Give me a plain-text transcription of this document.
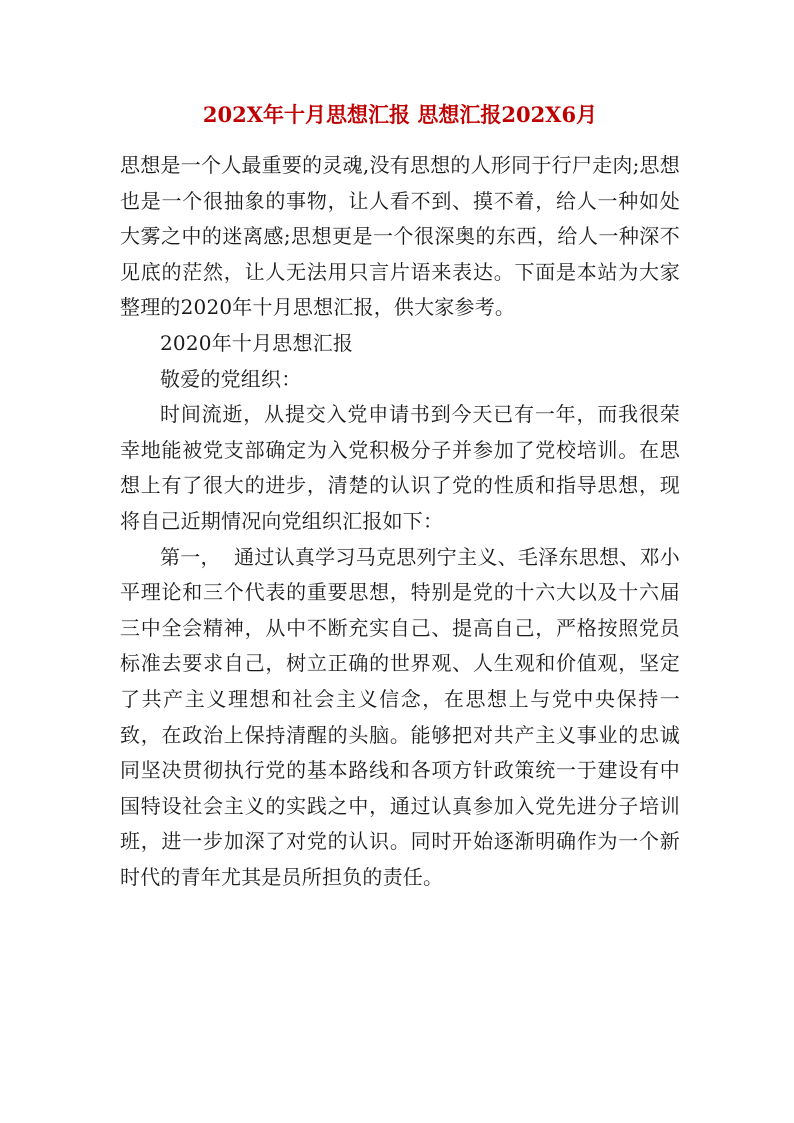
202X年十月思想汇报 思想汇报202X6月

思想是一个人最重要的灵魂,没有思想的人形同于行尸走肉;思想也是一个很抽象的事物，让人看不到、摸不着，给人一种如处大雾之中的迷离感;思想更是一个很深奥的东西，给人一种深不见底的茫然，让人无法用只言片语来表达。下面是本站为大家整理的2020年十月思想汇报，供大家参考。

2020年十月思想汇报

敬爱的党组织：

时间流逝，从提交入党申请书到今天已有一年，而我很荣幸地能被党支部确定为入党积极分子并参加了党校培训。在思想上有了很大的进步，清楚的认识了党的性质和指导思想，现将自己近期情况向党组织汇报如下：

第一，  通过认真学习马克思列宁主义、毛泽东思想、邓小平理论和三个代表的重要思想，特别是党的十六大以及十六届三中全会精神，从中不断充实自己、提高自己，严格按照党员标准去要求自己，树立正确的世界观、人生观和价值观，坚定了共产主义理想和社会主义信念，在思想上与党中央保持一致，在政治上保持清醒的头脑。能够把对共产主义事业的忠诚同坚决贯彻执行党的基本路线和各项方针政策统一于建设有中国特设社会主义的实践之中，通过认真参加入党先进分子培训班，进一步加深了对党的认识。同时开始逐渐明确作为一个新时代的青年尤其是员所担负的责任。
